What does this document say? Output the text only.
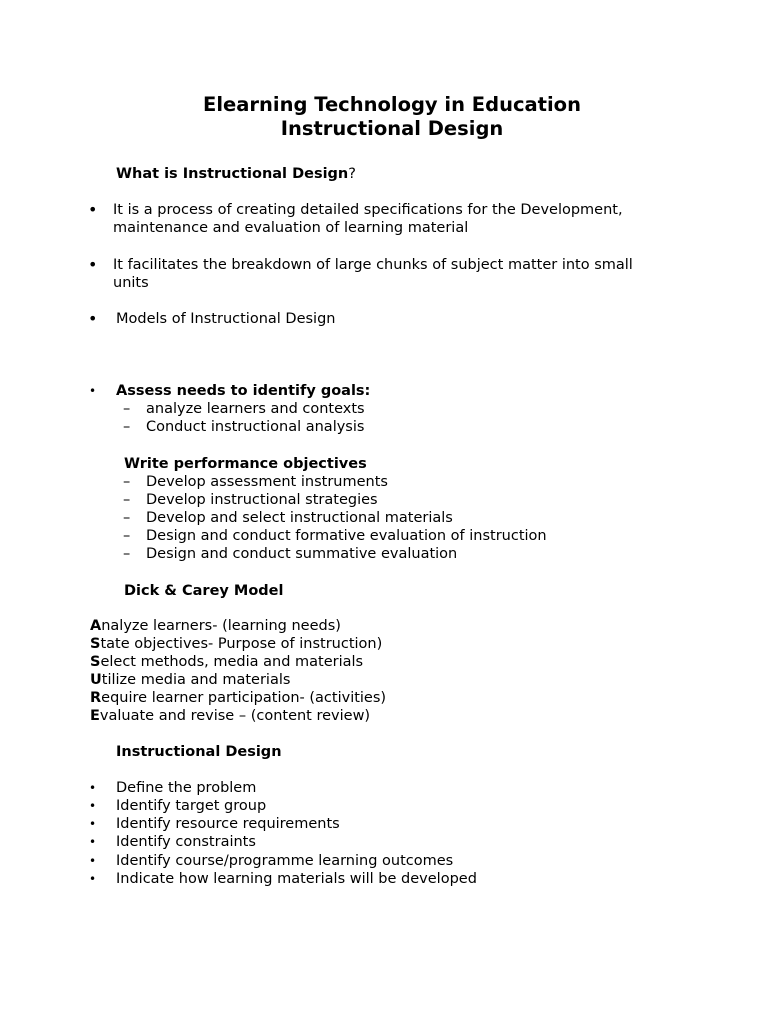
Elearning Technology in Education
Instructional Design
What is Instructional Design?
• It is a process of creating detailed specifications for the Development,
maintenance and evaluation of learning material
• It facilitates the breakdown of large chunks of subject matter into small
units
• Models of Instructional Design
• Assess needs to identify goals:
– analyze learners and contexts
– Conduct instructional analysis
Write performance objectives
– Develop assessment instruments
– Develop instructional strategies
– Develop and select instructional materials
– Design and conduct formative evaluation of instruction
– Design and conduct summative evaluation
Dick & Carey Model
Analyze learners- (learning needs)
State objectives- Purpose of instruction)
Select methods, media and materials
Utilize media and materials
Require learner participation- (activities)
Evaluate and revise – (content review)
Instructional Design
• Define the problem
• Identify target group
• Identify resource requirements
• Identify constraints
• Identify course/programme learning outcomes
• Indicate how learning materials will be developed
